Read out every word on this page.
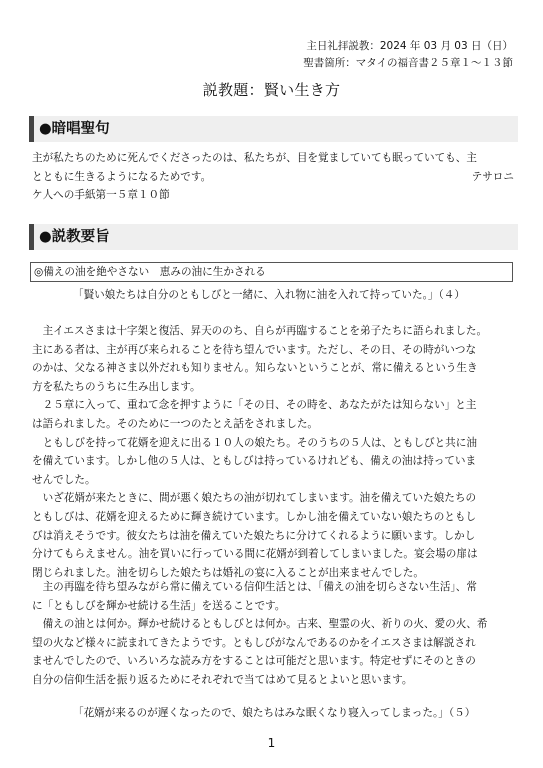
主日礼拝説教：2024 年 03 月 03 日（日）
聖書箇所：マタイの福音書２５章１～１３節
説教題：賢い生き方
●暗唱聖句
主が私たちのために死んでくださったのは、私たちが、目を覚ましていても眠っていても、主
とともに生きるようになるためです。	テサロニ
ケ人への手紙第一５章１０節
●説教要旨
◎備えの油を絶やさない　恵みの油に生かされる
「賢い娘たちは自分のともしびと一緒に、入れ物に油を入れて持っていた。」（４）
　主イエスさまは十字架と復活、昇天ののち、自らが再臨することを弟子たちに語られました。
主にある者は、主が再び来られることを待ち望んでいます。ただし、その日、その時がいつな
のかは、父なる神さま以外だれも知りません。知らないということが、常に備えるという生き
方を私たちのうちに生み出します。
　２５章に入って、重ねて念を押すように「その日、その時を、あなたがたは知らない」と主
は語られました。そのために一つのたとえ話をされました。
　ともしびを持って花婿を迎えに出る１０人の娘たち。そのうちの５人は、ともしびと共に油
を備えています。しかし他の５人は、ともしびは持っているけれども、備えの油は持っていま
せんでした。
　いざ花婿が来たときに、間が悪く娘たちの油が切れてしまいます。油を備えていた娘たちの
ともしびは、花婿を迎えるために輝き続けています。しかし油を備えていない娘たちのともし
びは消えそうです。彼女たちは油を備えていた娘たちに分けてくれるように願います。しかし
分けてもらえません。油を買いに行っている間に花婿が到着してしまいました。宴会場の扉は
閉じられました。油を切らした娘たちは婚礼の宴に入ることが出来ませんでした。
　主の再臨を待ち望みながら常に備えている信仰生活とは、「備えの油を切らさない生活」、常
に「ともしびを輝かせ続ける生活」を送ることです。
　備えの油とは何か。輝かせ続けるともしびとは何か。古来、聖霊の火、祈りの火、愛の火、希
望の火など様々に読まれてきたようです。ともしびがなんであるのかをイエスさまは解説され
ませんでしたので、いろいろな読み方をすることは可能だと思います。特定せずにそのときの
自分の信仰生活を振り返るためにそれぞれで当てはめて見るとよいと思います。
「花婿が来るのが遅くなったので、娘たちはみな眠くなり寝入ってしまった。」（５）
1
